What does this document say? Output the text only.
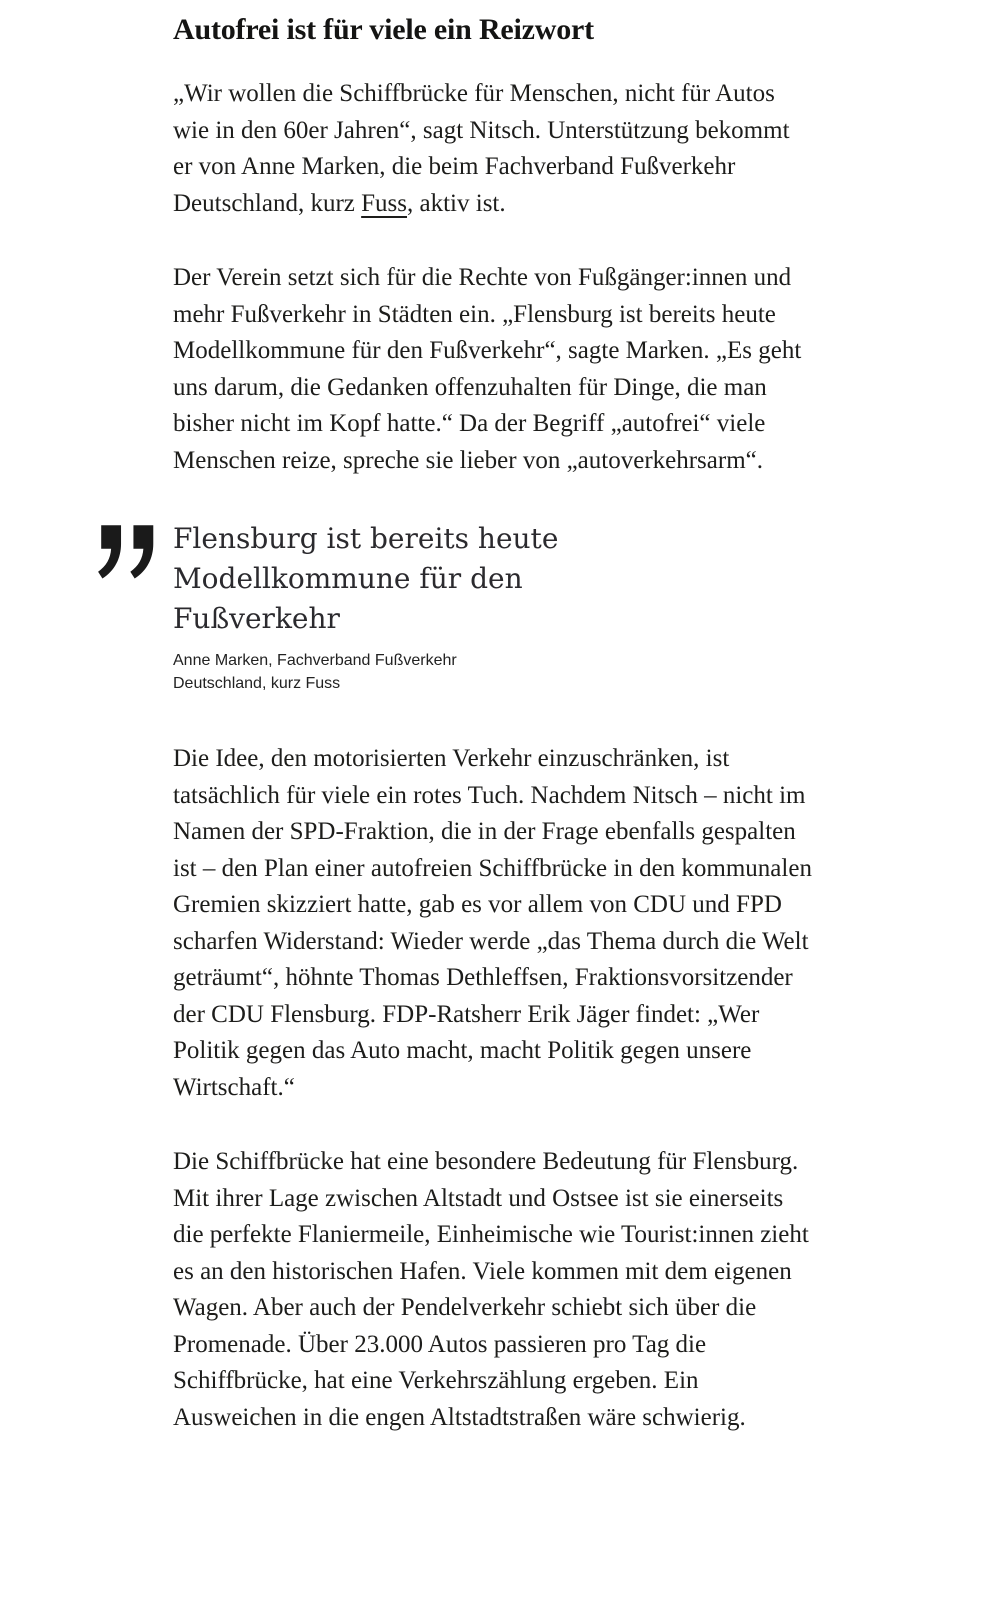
Autofrei ist für viele ein Reizwort

„Wir wollen die Schiffbrücke für Menschen, nicht für Autos wie in den 60er Jahren“, sagt Nitsch. Unterstützung bekommt er von Anne Marken, die beim Fachverband Fußverkehr Deutschland, kurz Fuss, aktiv ist.

Der Verein setzt sich für die Rechte von Fußgänger:innen und mehr Fußverkehr in Städten ein. „Flensburg ist bereits heute Modellkommune für den Fußverkehr“, sagte Marken. „Es geht uns darum, die Gedanken offenzuhalten für Dinge, die man bisher nicht im Kopf hatte.“ Da der Begriff „autofrei“ viele Menschen reize, spreche sie lieber von „autoverkehrsarm“.

Flensburg ist bereits heute Modellkommune für den Fußverkehr
Anne Marken, Fachverband Fußverkehr Deutschland, kurz Fuss

Die Idee, den motorisierten Verkehr einzuschränken, ist tatsächlich für viele ein rotes Tuch. Nachdem Nitsch – nicht im Namen der SPD-Fraktion, die in der Frage ebenfalls gespalten ist – den Plan einer autofreien Schiffbrücke in den kommunalen Gremien skizziert hatte, gab es vor allem von CDU und FPD scharfen Widerstand: Wieder werde „das Thema durch die Welt geträumt“, höhnte Thomas Dethleffsen, Fraktionsvorsitzender der CDU Flensburg. FDP-Ratsherr Erik Jäger findet: „Wer Politik gegen das Auto macht, macht Politik gegen unsere Wirtschaft.“

Die Schiffbrücke hat eine besondere Bedeutung für Flensburg. Mit ihrer Lage zwischen Altstadt und Ostsee ist sie einerseits die perfekte Flaniermeile, Einheimische wie Tourist:innen zieht es an den historischen Hafen. Viele kommen mit dem eigenen Wagen. Aber auch der Pendelverkehr schiebt sich über die Promenade. Über 23.000 Autos passieren pro Tag die Schiffbrücke, hat eine Verkehrszählung ergeben. Ein Ausweichen in die engen Altstadtstraßen wäre schwierig.
